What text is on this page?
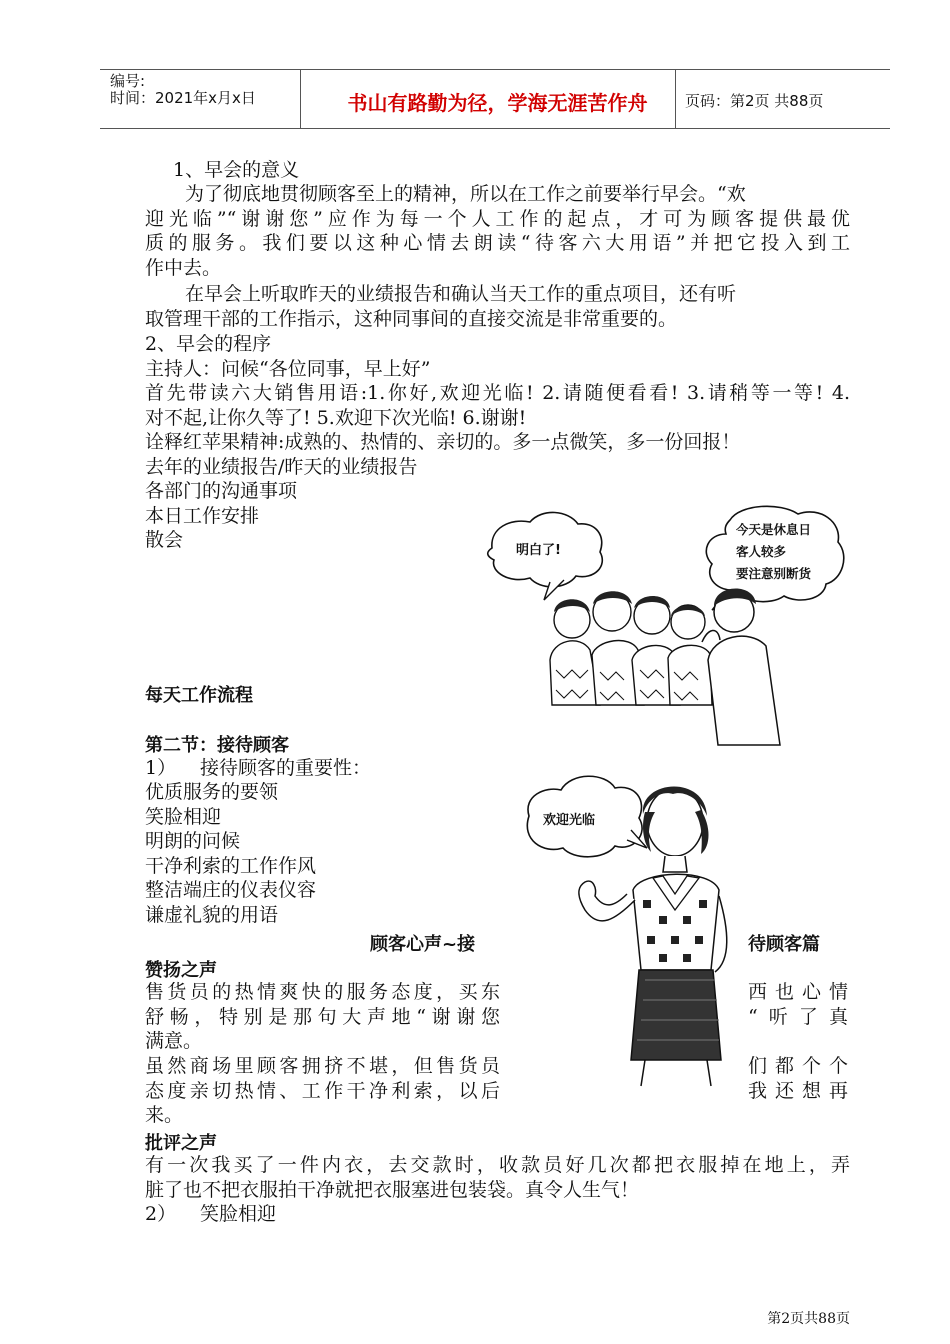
编号:
时间：2021年x月x日	书山有路勤为径，学海无涯苦作舟	页码：第2页 共88页
1、早会的意义
为了彻底地贯彻顾客至上的精神，所以在工作之前要举行早会。“欢
迎光临”“谢谢您”应作为每一个人工作的起点，才可为顾客提供最优
质的服务。我们要以这种心情去朗读“待客六大用语”并把它投入到工
作中去。
在早会上听取昨天的业绩报告和确认当天工作的重点项目，还有听
取管理干部的工作指示，这种同事间的直接交流是非常重要的。
2、早会的程序
主持人：问候“各位同事，早上好”
首先带读六大销售用语:1.你好,欢迎光临! 2.请随便看看! 3.请稍等一等! 4.
对不起,让你久等了! 5.欢迎下次光临! 6.谢谢!
诠释红苹果精神:成熟的、热情的、亲切的。多一点微笑，多一份回报！
去年的业绩报告/昨天的业绩报告
各部门的沟通事项
本日工作安排
散会	明白了!
今天是休息日
客人较多
要注意别断货
每天工作流程
第二节：接待顾客
1） 接待顾客的重要性：
优质服务的要领
笑脸相迎
明朗的问候
干净利索的工作作风
整洁端庄的仪表仪容
谦虚礼貌的用语
顾客心声~接	待顾客篇
赞扬之声
售货员的热情爽快的服务态度，买东
舒畅，特别是那句大声地“谢谢您
满意。
西也心情
“听了真
虽然商场里顾客拥挤不堪，但售货员
态度亲切热情、工作干净利索，以后
来。
们都个个
我还想再
批评之声
有一次我买了一件内衣，去交款时，收款员好几次都把衣服掉在地上，弄
脏了也不把衣服拍干净就把衣服塞进包装袋。真令人生气！
2） 笑脸相迎
欢迎光临
第2页共88页
